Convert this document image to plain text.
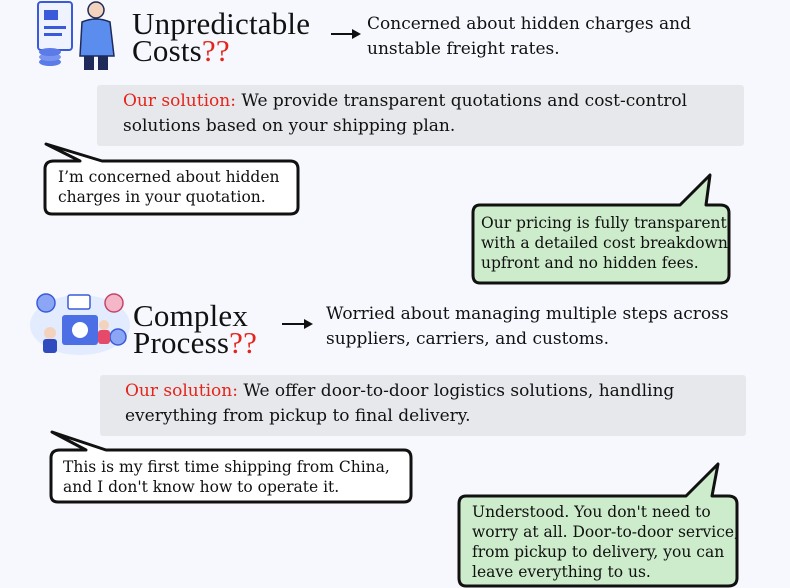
Unpredictable
Costs??
Concerned about hidden charges and
unstable freight rates.
Our solution: We provide transparent quotations and cost-control
solutions based on your shipping plan.
I’m concerned about hidden
charges in your quotation.
Our pricing is fully transparent,
with a detailed cost breakdown
upfront and no hidden fees.
Complex
Process??
Worried about managing multiple steps across
suppliers, carriers, and customs.
Our solution: We offer door-to-door logistics solutions, handling
everything from pickup to final delivery.
This is my first time shipping from China,
and I don't know how to operate it.
Understood. You don't need to
worry at all. Door-to-door service,
from pickup to delivery, you can
leave everything to us.
